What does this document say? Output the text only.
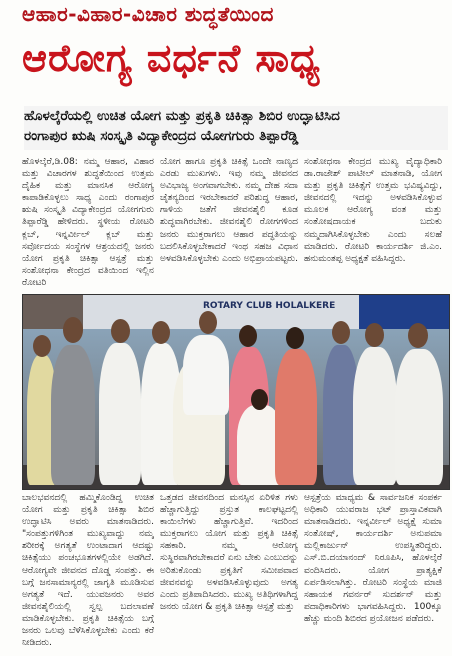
ಆಹಾರ-ವಿಹಾರ-ವಿಚಾರ ಶುದ್ಧತೆಯಿಂದ
ಆರೋಗ್ಯ ವರ್ಧನೆ ಸಾಧ್ಯ
ಹೊಳಲ್ಕೆರೆಯಲ್ಲಿ ಉಚಿತ ಯೋಗ ಮತ್ತು ಪ್ರಕೃತಿ ಚಿಕಿತ್ಸಾ ಶಿಬಿರ ಉದ್ಘಾಟಿಸಿದ
ರಂಗಾಪುರ ಋಷಿ ಸಂಸ್ಕೃತಿ ವಿದ್ಯಾಕೇಂದ್ರದ ಯೋಗಗುರು ತಿಪ್ಪಾರೆಡ್ಡಿ

ಹೊಳಲ್ಕೆರೆ,ಡಿ.08: ನಮ್ಮ ಆಹಾರ, ವಿಹಾರ ಮತ್ತು ವಿಚಾರಗಳ ಶುದ್ಧತೆಯಿಂದ ಉತ್ತಮ ದೈಹಿಕ ಮತ್ತು ಮಾನಸಿಕ ಆರೋಗ್ಯ ಕಾಪಾಡಿಕೊಳ್ಳಲು ಸಾಧ್ಯ ಎಂದು ರಂಗಾಪುರ ಋಷಿ ಸಂಸ್ಕೃತಿ ವಿದ್ಯಾಕೇಂದ್ರದ ಯೋಗಗುರು ತಿಪ್ಪಾರೆಡ್ಡಿ ಹೇಳಿದರು. ಸ್ಥಳೀಯ ರೋಟರಿ ಕ್ಲಬ್, ಇನ್ನರ್ವೀಲ್ ಕ್ಲಬ್ ಮತ್ತು ಸರ್ವೋದಯ ಸಂಸ್ಥೆಗಳ ಆಶ್ರಯದಲ್ಲಿ ಜನರು ಯೋಗ ಪ್ರಕೃತಿ ಚಿಕಿತ್ಸಾ ಆಸ್ಪತ್ರೆ ಮತ್ತು ಸಂಶೋಧನಾ ಕೇಂದ್ರದ ವತಿಯಿಂದ ಇಲ್ಲಿನ ರೋಟರಿ

ಯೋಗ ಹಾಗೂ ಪ್ರಕೃತಿ ಚಿಕಿತ್ಸೆ ಒಂದೇ ನಾಣ್ಯದ ಎರಡು ಮುಖಗಳು. ಇವು ನಮ್ಮ ಜೀವನದ ಅವಿಭಾಜ್ಯ ಅಂಗವಾಗಬೇಕು. ನಮ್ಮ ದೇಹ ಸದಾ ಚೈತನ್ಯದಿಂದ ಇರಬೇಕಾದರೆ ಪರಿಶುದ್ಧ ಆಹಾರ, ಗಾಳಿಯ ಜತೆಗೆ ಜೀವನಶೈಲಿ ಕೂಡ ಶುದ್ಧವಾಗಿರಬೇಕು. ಜೀವನಶೈಲಿ ರೋಗಗಳಿಂದ ಜನರು ಮುಕ್ತರಾಗಲು ಆಹಾರ ಪದ್ಧತಿಯನ್ನು ಬದಲಿಸಿಕೊಳ್ಳಬೇಕಾದರೆ ಇಂಥ ಸಹಜ ವಿಧಾನ ಅಳವಡಿಸಿಕೊಳ್ಳಬೇಕು ಎಂದು ಅಭಿಪ್ರಾಯಪಟ್ಟರು.

ಸಂಶೋಧನಾ ಕೇಂದ್ರದ ಮುಖ್ಯ ವೈದ್ಯಾಧಿಕಾರಿ ಡಾ.ರಾಜೇಶ್ ಪಾಟೀಲ್ ಮಾತನಾಡಿ, ಯೋಗ ಮತ್ತು ಪ್ರಕೃತಿ ಚಿಕಿತ್ಸೆಗೆ ಉತ್ತಮ ಭವಿಷ್ಯವಿದ್ದು, ಜೀವನದಲ್ಲಿ ಇದನ್ನು ಅಳವಡಿಸಿಕೊಳ್ಳುವ ಮೂಲಕ ಆರೋಗ್ಯ ವಂತ ಮತ್ತು ಸಂತೋಷದಾಯಕ ಬದುಕು ನಮ್ಮದಾಗಿಸಿಕೊಳ್ಳಬೇಕು ಎಂದು ಸಲಹೆ ಮಾಡಿದರು. ರೋಟರಿ ಕಾರ್ಯದರ್ಶಿ ಜಿ.ಎಂ. ಹನುಮಂತಪ್ಪ ಅಧ್ಯಕ್ಷತೆ ವಹಿಸಿದ್ದರು.

ROTARY CLUB HOLALKERE

ಬಾಲಭವನದಲ್ಲಿ ಹಮ್ಮಿಕೊಂಡಿದ್ದ ಉಚಿತ ಯೋಗ ಮತ್ತು ಪ್ರಕೃತಿ ಚಿಕಿತ್ಸಾ ಶಿಬಿರ ಉದ್ಘಾಟಿಸಿ ಅವರು ಮಾತನಾಡಿದರು. "ಸಂಪತ್ತುಗಳಿಗಿಂತ ಮುಖ್ಯವಾದ್ದು ನಮ್ಮ ಶರೀರಕ್ಕೆ ಅಗತ್ಯತೆ ಉಂಟಾದಾಗ ಆದಷ್ಟು ಚಿಕಿತ್ಸೆಯು ಪಂಚಭೂತಗಳಲ್ಲಿಯೇ ಅಡಗಿದೆ. ಆರೋಗ್ಯವೇ ಜೀವನದ ದೊಡ್ಡ ಸಂಪತ್ತು. ಈ ಬಗ್ಗೆ ಜನಸಾಮಾನ್ಯರಲ್ಲಿ ಜಾಗೃತಿ ಮೂಡಿಸುವ ಅಗತ್ಯತೆ ಇದೆ. ಯುವಜನರು ಅವರ ಜೀವನಶೈಲಿಯಲ್ಲಿ ಸ್ವಲ್ಪ ಬದಲಾವಣೆ ಮಾಡಿಕೊಳ್ಳಬೇಕು. ಪ್ರಕೃತಿ ಚಿಕಿತ್ಸೆಯ ಬಗ್ಗೆ ಜನರು ಒಲವು ಬೆಳೆಸಿಕೊಳ್ಳಬೇಕು ಎಂದು ಕರೆ ನೀಡಿದರು.

ಒತ್ತಡದ ಜೀವನದಿಂದ ಮನಸ್ಸಿನ ಏರಿಳಿತ ಗಳು ಹೆಚ್ಚಾಗುತ್ತಿದ್ದು ಪ್ರಸ್ತುತ ಕಾಲಘಟ್ಟದಲ್ಲಿ ಕಾಯಿಲೆಗಳು ಹೆಚ್ಚಾಗುತ್ತಿವೆ. ಇದರಿಂದ ಮುಕ್ತರಾಗಲು ಯೋಗ ಮತ್ತು ಪ್ರಕೃತಿ ಚಿಕಿತ್ಸೆ ಸಹಕಾರಿ. ನಮ್ಮ ಆರೋಗ್ಯ ಸುಸ್ಥಿರವಾಗಿರಬೇಕಾದರೆ ಏನು ಬೇಕು ಎಂಬುದನ್ನು ಅರಿತುಕೊಂಡು ಪ್ರಕೃತಿಗೆ ಸಮೀಪವಾದ ಜೀವನವನ್ನು ಅಳವಡಿಸಿಕೊಳ್ಳುವುದು ಅಗತ್ಯ ಎಂದು ಪ್ರತಿಪಾದಿಸಿದರು. ಮುಖ್ಯ ಅತಿಥಿಗಳಾಗಿದ್ದ ಜನರು ಯೋಗ & ಪ್ರಕೃತಿ ಚಿಕಿತ್ಸಾ ಆಸ್ಪತ್ರೆ ಮತ್ತು

ಆಸ್ಪತ್ರೆಯ ಮಾಧ್ಯಮ & ಸಾರ್ವಜನಿಕ ಸಂಪರ್ಕ ಅಧಿಕಾರಿ ಯುವರಾಜ ಭಟ್ ಪ್ರಾಸ್ತಾವಿಕವಾಗಿ ಮಾತನಾಡಿದರು. ಇನ್ನರ್ವೀಲ್ ಅಧ್ಯಕ್ಷೆ ಸುಮಾ ಸಂತೋಷ್, ಕಾರ್ಯದರ್ಶಿ ಅನುಪಮಾ ಮಲ್ಲಿಕಾರ್ಜುನ್ ಉಪಸ್ಥಿತರಿದ್ದರು. ಎಸ್.ಬಿ.ದಯಾನಂದ್ ನಿರೂಪಿಸಿ, ಹೊಳಲ್ಕೆರೆ ವಂದಿಸಿದರು. ಯೋಗ ಪ್ರಾತ್ಯಕ್ಷಿಕೆ ಏರ್ಪಡಿಸಲಾಗಿತ್ತು. ರೋಟರಿ ಸಂಸ್ಥೆಯ ಮಾಜಿ ಸಹಾಯಕ ಗವರ್ನರ್ ಸುದರ್ಶನ್ ಮತ್ತು ಪದಾಧಿಕಾರಿಗಳು ಭಾಗವಹಿಸಿದ್ದರು. 100ಕ್ಕೂ ಹೆಚ್ಚು ಮಂದಿ ಶಿಬಿರದ ಪ್ರಯೋಜನ ಪಡೆದರು.
